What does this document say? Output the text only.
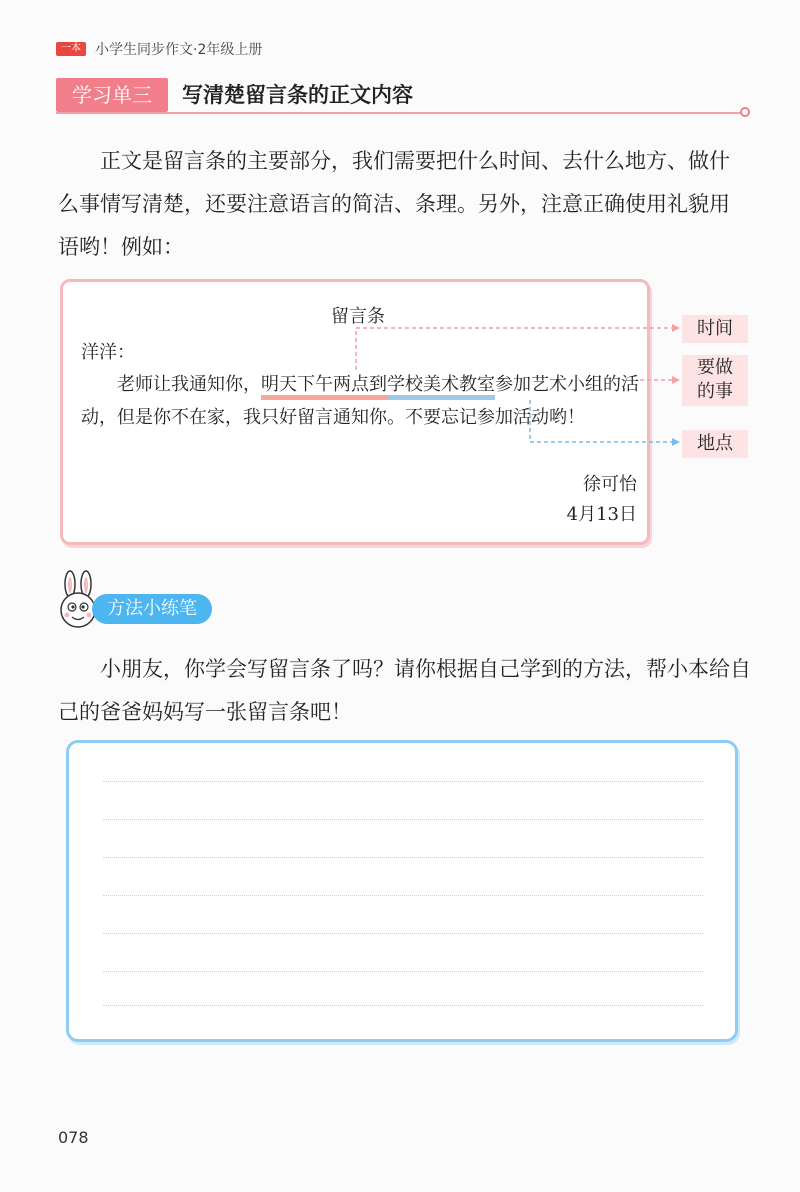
一本	小学生同步作文·2年级上册
学习单三	写清楚留言条的正文内容

正文是留言条的主要部分，我们需要把什么时间、去什么地方、做什么事情写清楚，还要注意语言的简洁、条理。另外，注意正确使用礼貌用语哟！例如：

留言条
洋洋：

老师让我通知你，明天下午两点到学校美术教室参加艺术小组的活动，但是你不在家，我只好留言通知你。不要忘记参加活动哟！

徐可怡
4月13日
时间
要做
的事
地点
方法小练笔

小朋友，你学会写留言条了吗？请你根据自己学到的方法，帮小本给自己的爸爸妈妈写一张留言条吧！

078
